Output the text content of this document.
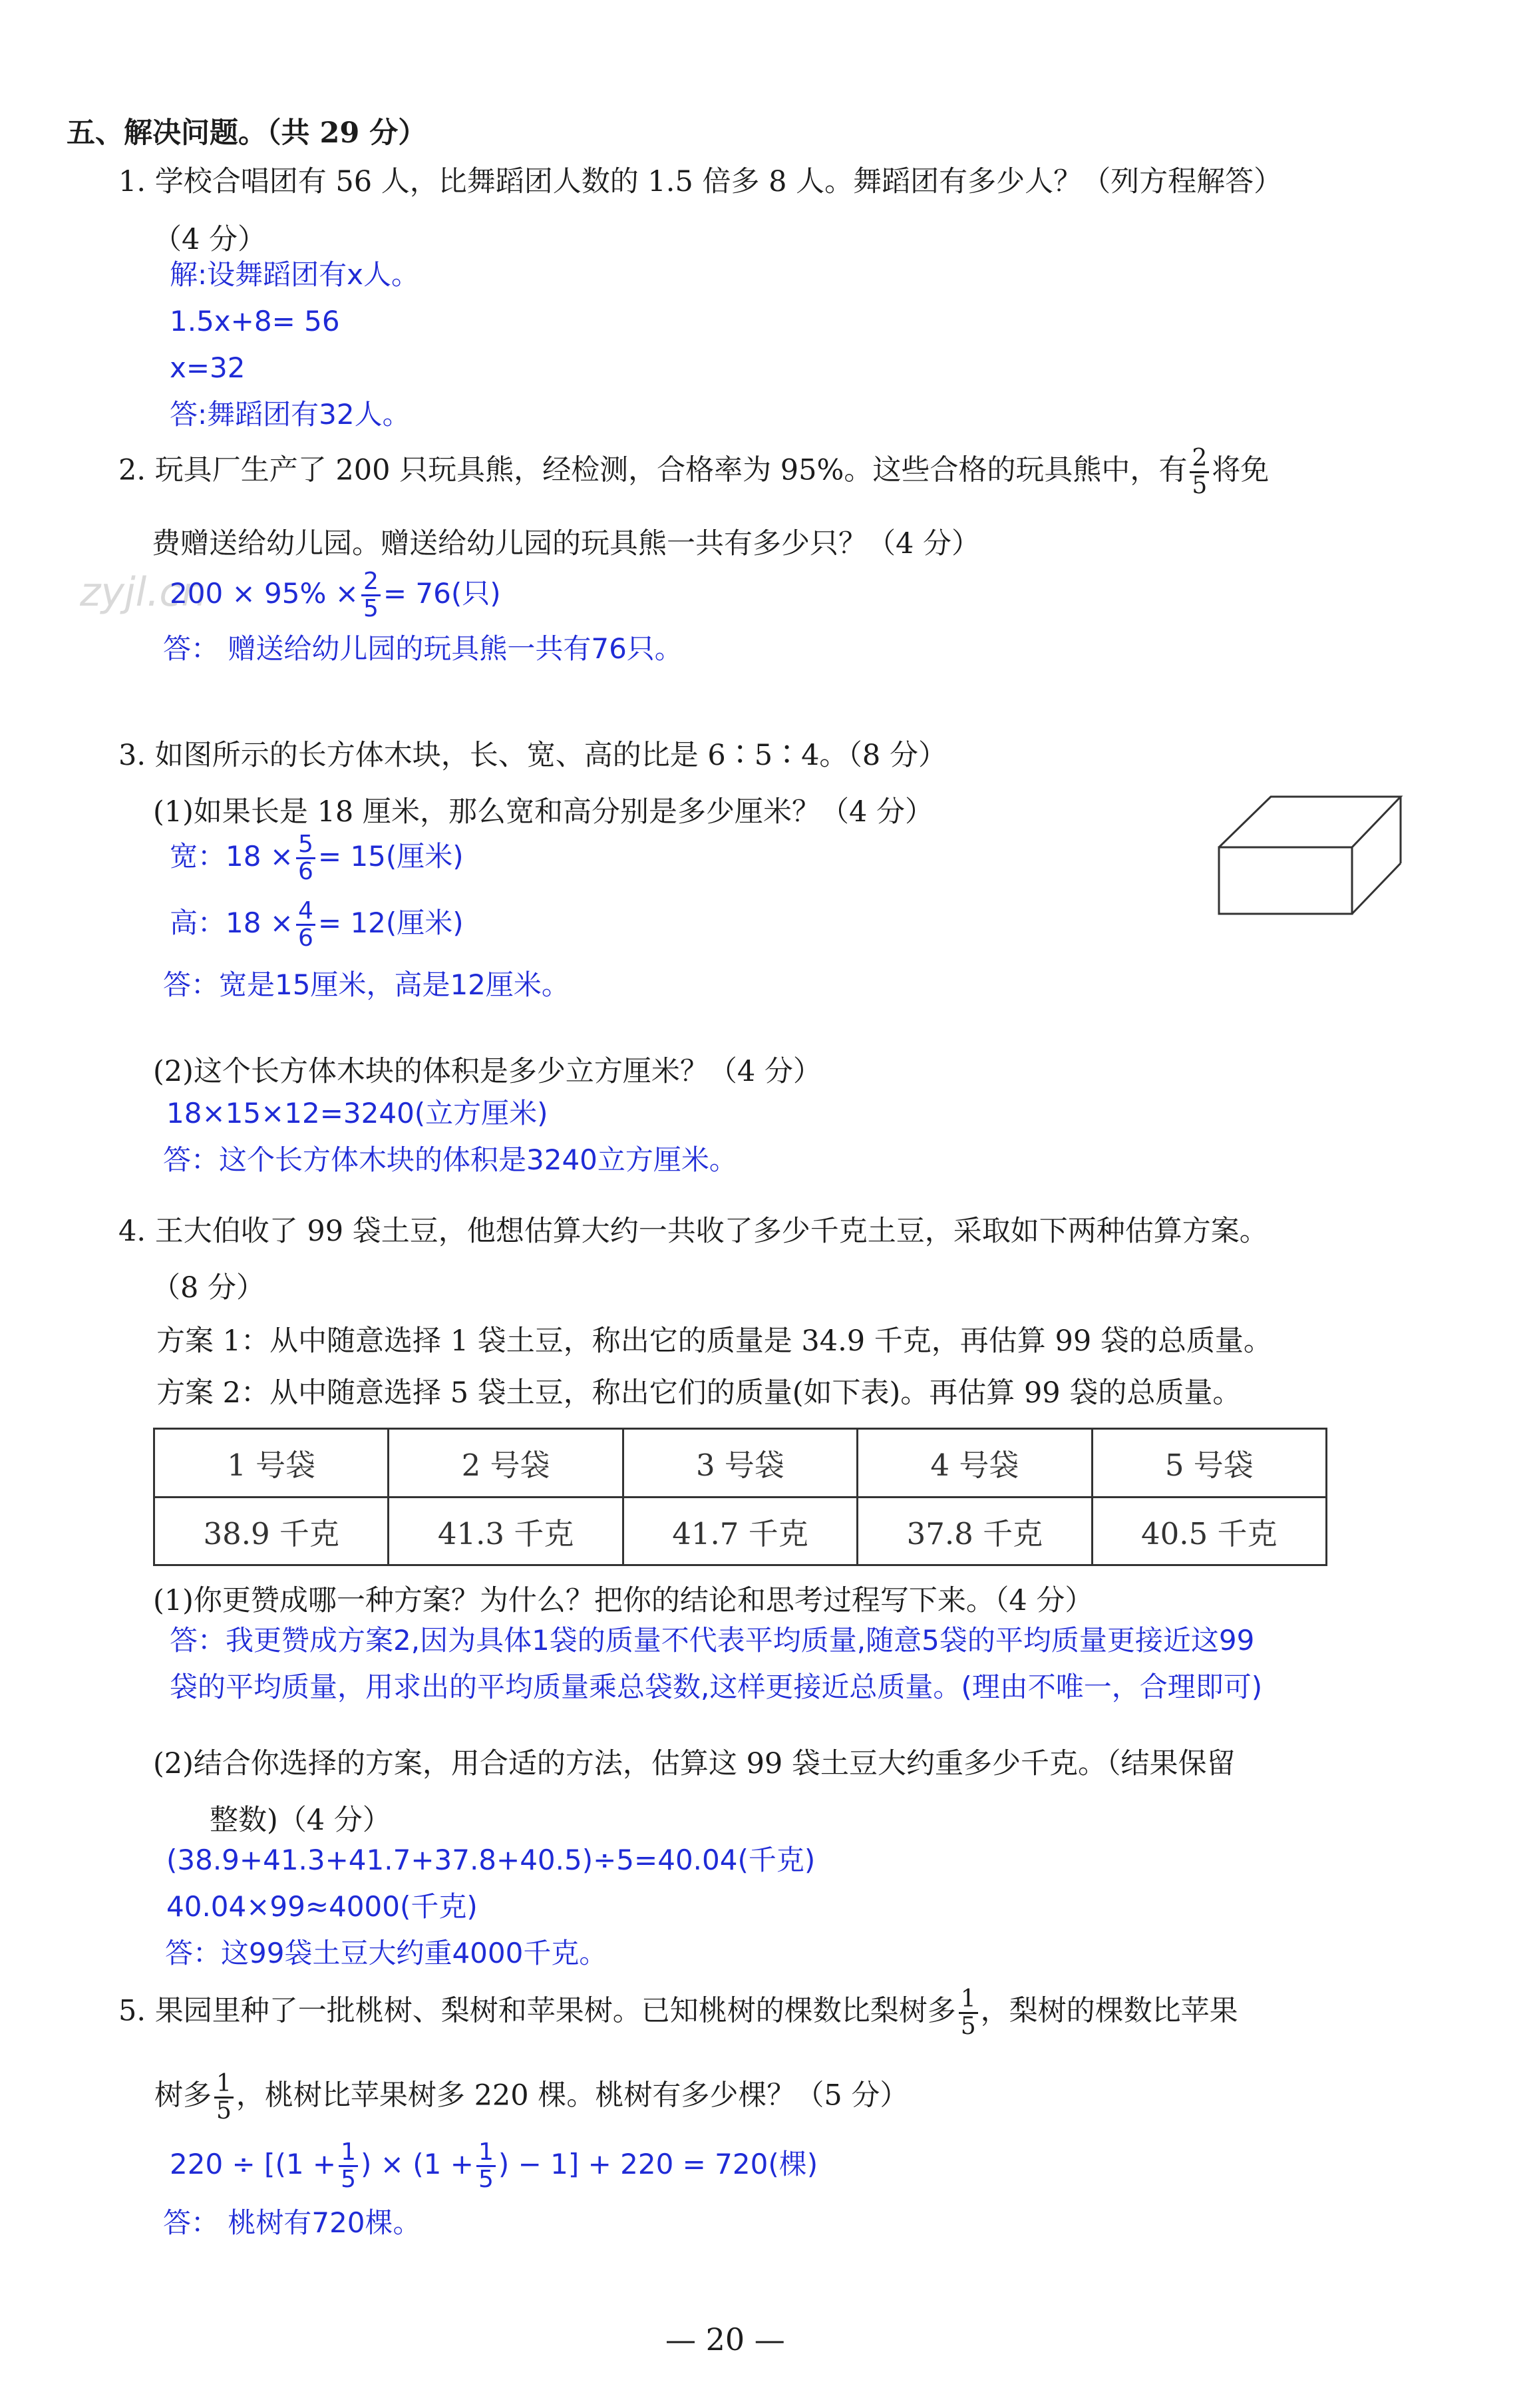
zyjl.cn
五、解决问题。（共 29 分）
1. 学校合唱团有 56 人，比舞蹈团人数的 1.5 倍多 8 人。舞蹈团有多少人？（列方程解答）
（4 分）
解:设舞蹈团有x人。
1.5x+8= 56
x=32
答:舞蹈团有32人。
2. 玩具厂生产了 200 只玩具熊，经检测，合格率为 95%。这些合格的玩具熊中，有 $\frac{2}{5}$ 将免
费赠送给幼儿园。赠送给幼儿园的玩具熊一共有多少只？（4 分）
$200 \times 95\% \times \frac{2}{5} = 76$(只)
答： 赠送给幼儿园的玩具熊一共有76只。
3. 如图所示的长方体木块，长、宽、高的比是 6∶5∶4。（8 分）
(1)如果长是 18 厘米，那么宽和高分别是多少厘米？（4 分）
宽：$18 \times \frac{5}{6} = 15$(厘米)
高：$18 \times \frac{4}{6} = 12$(厘米)
答：宽是15厘米，高是12厘米。
(2)这个长方体木块的体积是多少立方厘米？（4 分）
18×15×12=3240(立方厘米)
答：这个长方体木块的体积是3240立方厘米。
4. 王大伯收了 99 袋土豆，他想估算大约一共收了多少千克土豆，采取如下两种估算方案。
（8 分）
方案 1：从中随意选择 1 袋土豆，称出它的质量是 34.9 千克，再估算 99 袋的总质量。
方案 2：从中随意选择 5 袋土豆，称出它们的质量(如下表)。再估算 99 袋的总质量。
1 号袋	2 号袋	3 号袋	4 号袋	5 号袋
38.9 千克	41.3 千克	41.7 千克	37.8 千克	40.5 千克
(1)你更赞成哪一种方案？为什么？把你的结论和思考过程写下来。（4 分）
答：我更赞成方案2,因为具体1袋的质量不代表平均质量,随意5袋的平均质量更接近这99
袋的平均质量，用求出的平均质量乘总袋数,这样更接近总质量。(理由不唯一，合理即可)
(2)结合你选择的方案，用合适的方法，估算这 99 袋土豆大约重多少千克。（结果保留
整数)（4 分）
(38.9+41.3+41.7+37.8+40.5)÷5=40.04(千克)
40.04×99≈4000(千克)
答：这99袋土豆大约重4000千克。
5. 果园里种了一批桃树、梨树和苹果树。已知桃树的棵数比梨树多 $\frac{1}{5}$ ，梨树的棵数比苹果
树多 $\frac{1}{5}$ ，桃树比苹果树多 220 棵。桃树有多少棵？（5 分）
$220 \div [(1 + \frac{1}{5}$ ) × ($1 + \frac{1}{5}$ ) − 1] + 220 = 720(棵)
答： 桃树有720棵。
— 20 —
